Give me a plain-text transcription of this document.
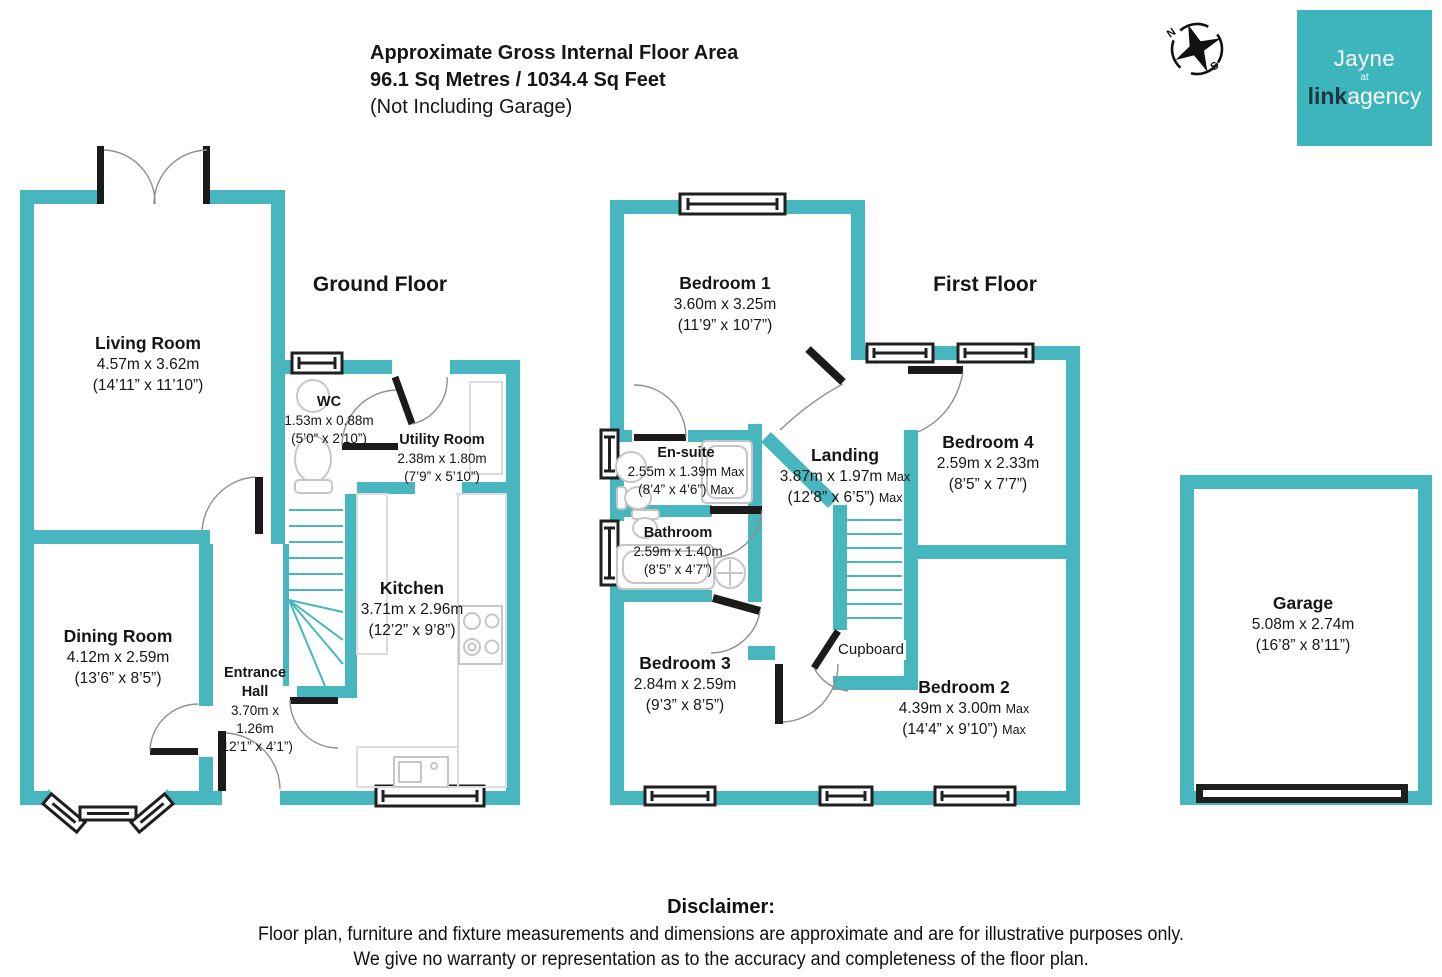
N
S
Approximate Gross Internal Floor Area
96.1 Sq Metres / 1034.4 Sq Feet
(Not Including Garage)
Jayne
at
linkagency
Ground Floor	First Floor
Living Room
4.57m x 3.62m
(14’11” x 11’10”)
Dining Room
4.12m x 2.59m
(13’6” x 8’5”)
WC
1.53m x 0.88m
(5’0” x 2’10”)	Utility Room
2.38m x 1.80m
(7’9” x 5’10”)
Kitchen
3.71m x 2.96m
(12’2” x 9’8”)
Entrance Hall
3.70m x 1.26m
(12’1” x 4’1”)
Bedroom 1
3.60m x 3.25m
(11’9” x 10’7”)
En-suite
2.55m x 1.39m Max
(8’4” x 4’6”) Max
Landing
3.87m x 1.97m Max
(12’8” x 6’5”) Max
Bedroom 4
2.59m x 2.33m
(8’5” x 7’7”)
Bathroom
2.59m x 1.40m
(8’5” x 4’7”)
Bedroom 3
2.84m x 2.59m
(9’3” x 8’5”)
Bedroom 2
4.39m x 3.00m Max
(14’4” x 9’10”) Max
Cupboard
Garage
5.08m x 2.74m
(16’8” x 8’11”)
Disclaimer:
Floor plan, furniture and fixture measurements and dimensions are approximate and are for illustrative purposes only.
We give no warranty or representation as to the accuracy and completeness of the floor plan.
